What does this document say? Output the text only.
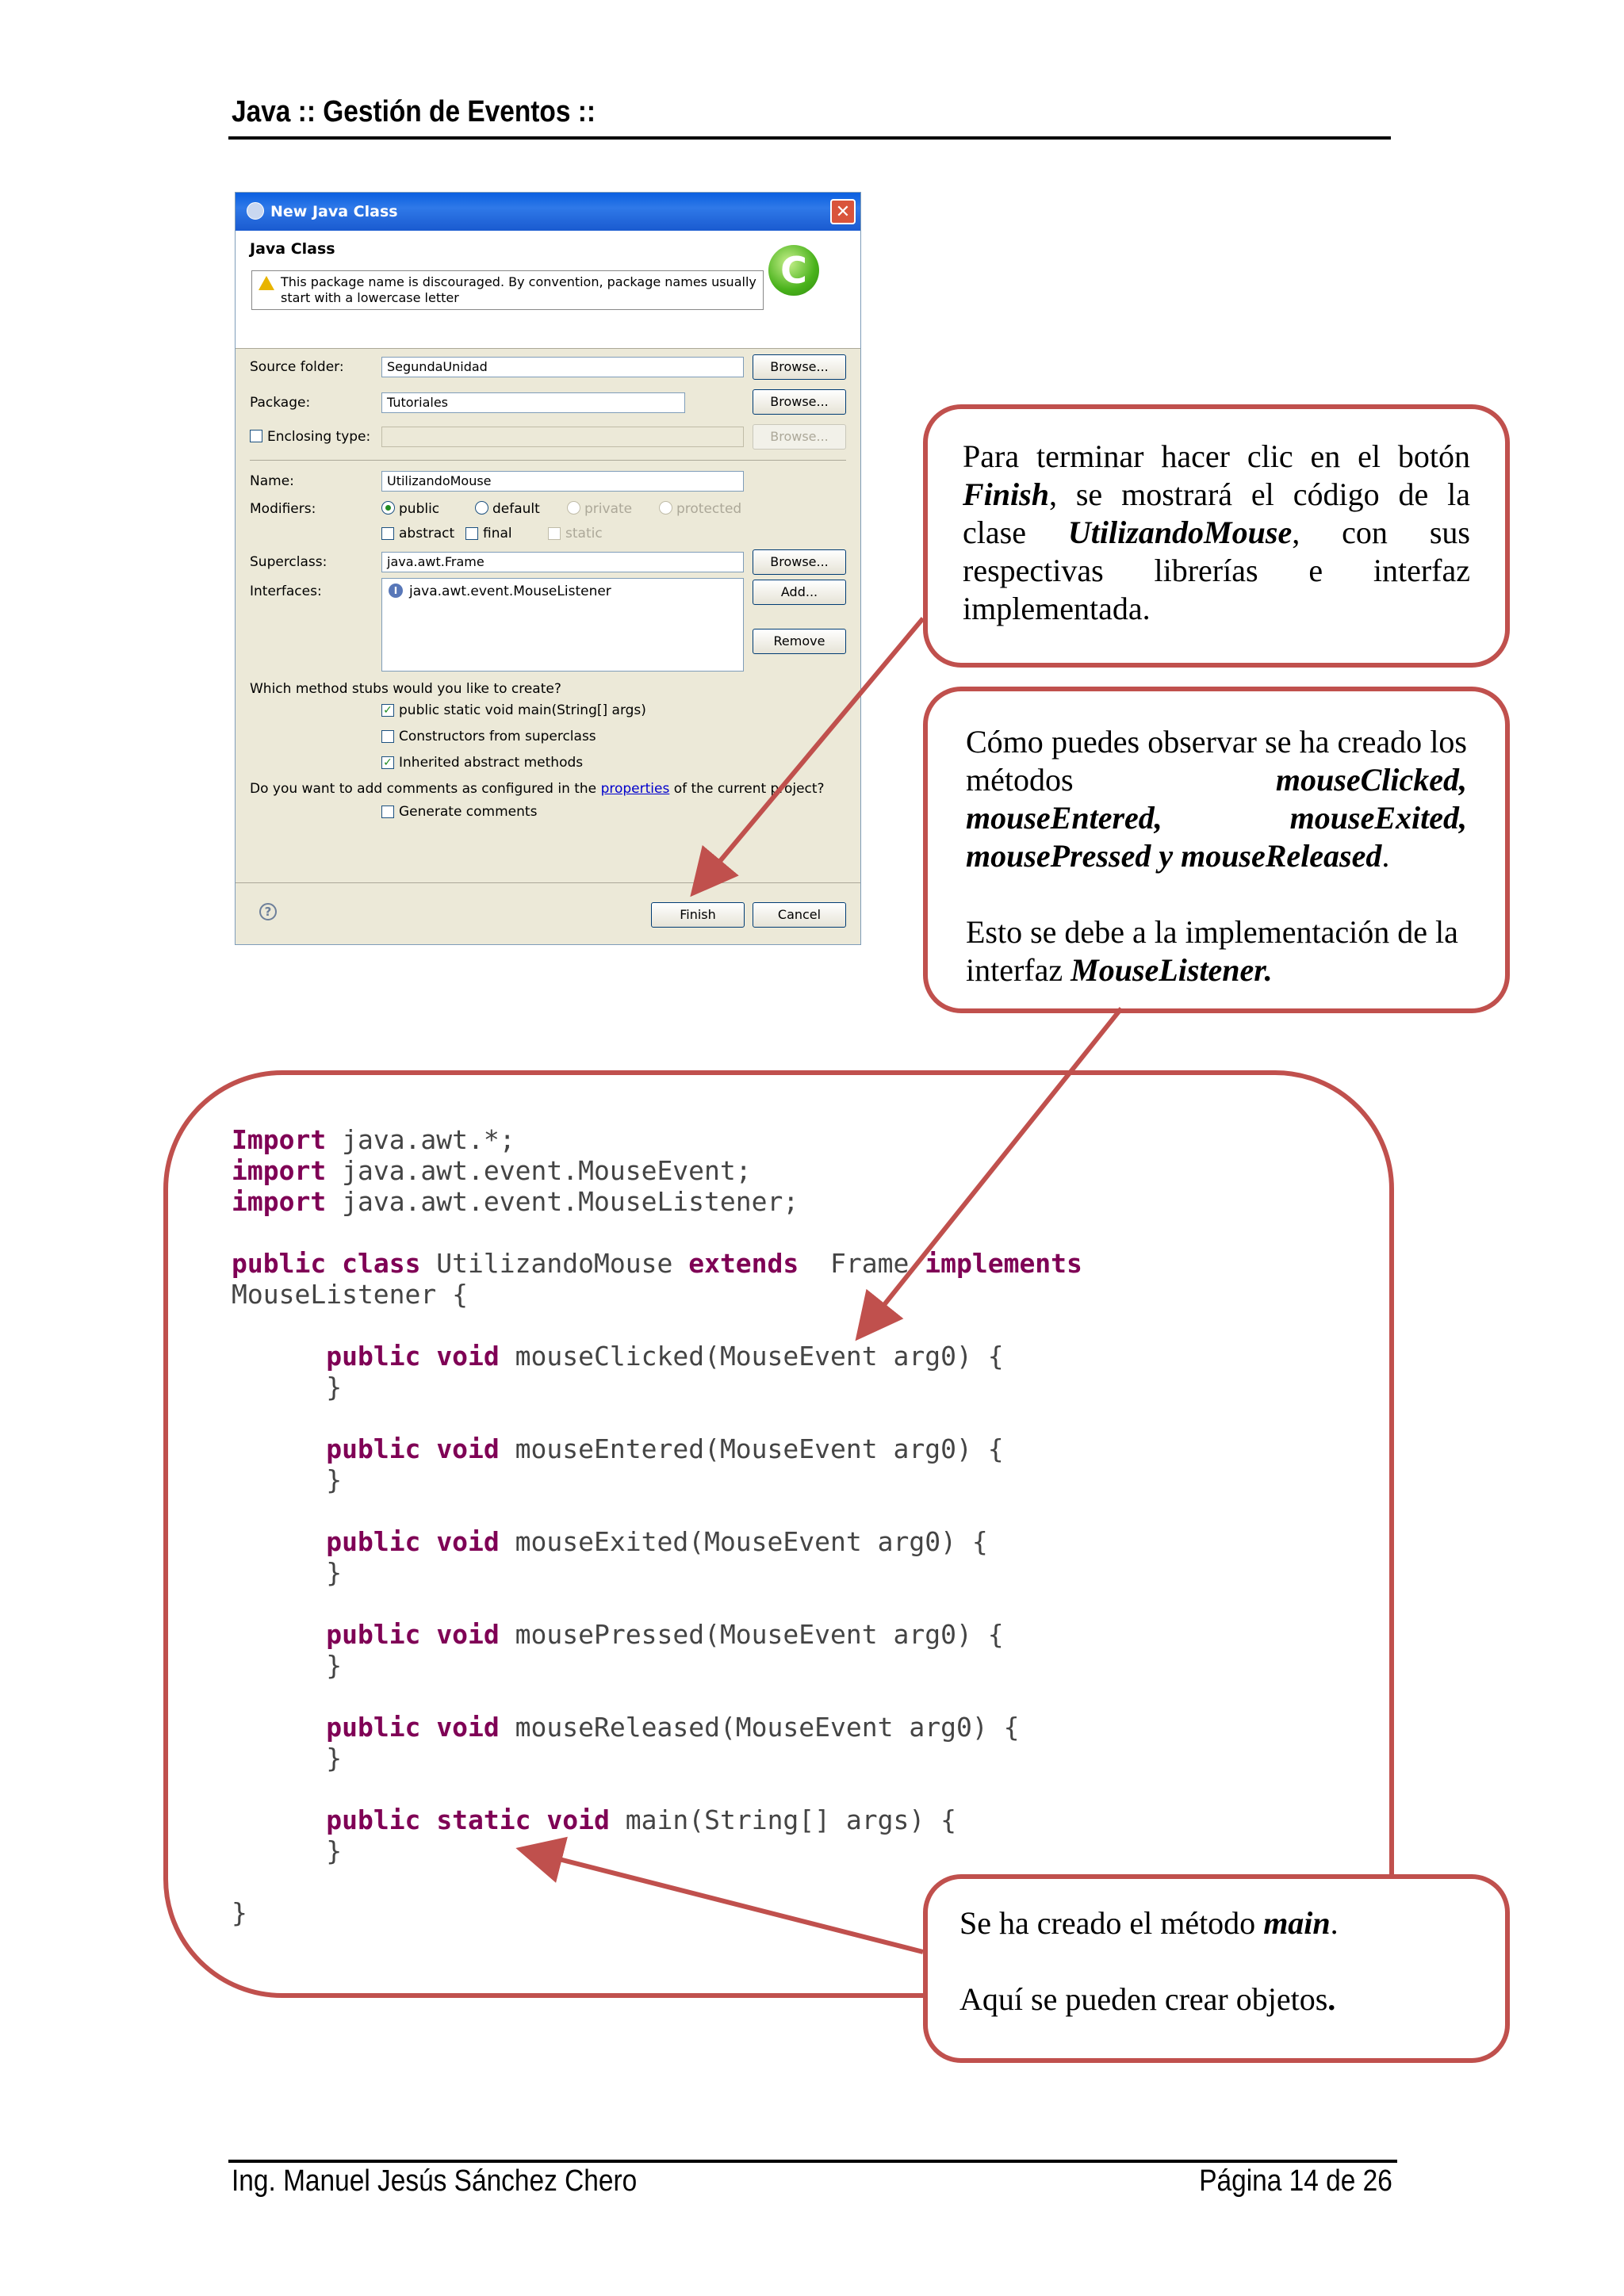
Java :: Gestión de Eventos ::
New Java Class	✕
Java Class
This package name is discouraged. By convention, package names usually start with a lowercase letter
C
Source folder:	SegundaUnidad	Browse...
Package:	Tutoriales	Browse...
Enclosing type:	Browse...
Name:	UtilizandoMouse
Modifiers:	public	default	private	protected
abstract final	static
Superclass:	java.awt.Frame	Browse...
Interfaces:	I java.awt.event.MouseListener	Add...
Remove
Which method stubs would you like to create?
✓ public static void main(String[] args)
Constructors from superclass
✓ Inherited abstract methods
Do you want to add comments as configured in the properties of the current project?
Generate comments
?	Finish	Cancel
Import java.awt.*;
import java.awt.event.MouseEvent;
import java.awt.event.MouseListener;

public class UtilizandoMouse extends  Frame implements
MouseListener {

public void mouseClicked(MouseEvent arg0) {
}

public void mouseEntered(MouseEvent arg0) {
}

public void mouseExited(MouseEvent arg0) {
}

public void mousePressed(MouseEvent arg0) {
}

public void mouseReleased(MouseEvent arg0) {
}

public static void main(String[] args) {
}

}

Para terminar hacer clic en el botón Finish, se mostrará el código de la clase UtilizandoMouse, con sus respectivas librerías e interfaz implementada.

Cómo puedes observar se ha creado los métodos mouseClicked, mouseEntered, mouseExited, mousePressed y mouseReleased.

Esto se debe a la implementación de la interfaz MouseListener.

Se ha creado el método main.

Aquí se pueden crear objetos.

Ing. Manuel Jesús Sánchez Chero	Página 14 de 26
